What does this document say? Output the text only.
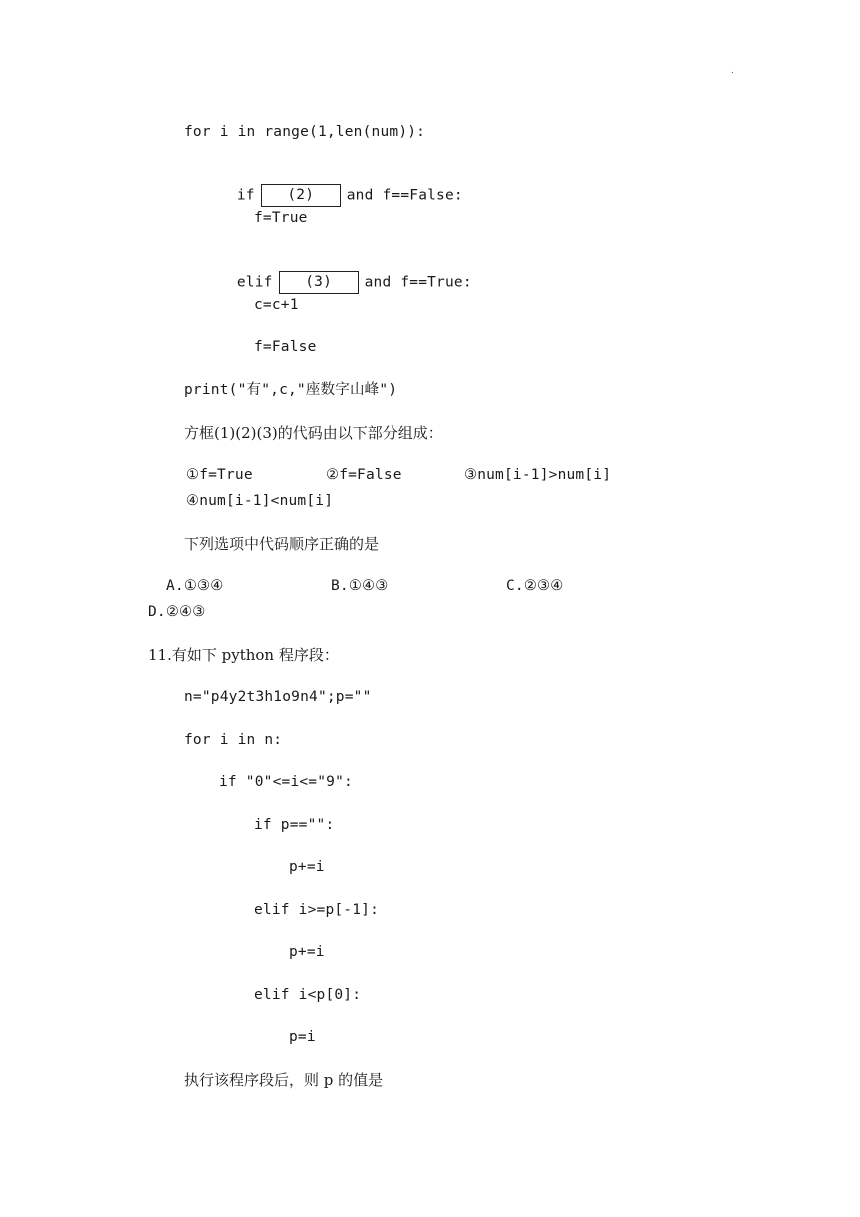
.
for i in range(1,len(num)):

if (2) and f==False:

f=True

elif (3) and f==True:

c=c+1
f=False
print("有",c,"座数字山峰")
方框(1)(2)(3)的代码由以下部分组成：
①f=True	②f=False	③num[i-1]>num[i]
④num[i-1]<num[i]
下列选项中代码顺序正确的是
A.①③④	B.①④③	C.②③④
D.②④③
11.有如下 python 程序段：
n="p4y2t3h1o9n4";p=""
for i in n:
if "0"<=i<="9":
if p=="":
p+=i
elif i>=p[-1]:
p+=i
elif i<p[0]:
p=i
执行该程序段后，则 p 的值是
